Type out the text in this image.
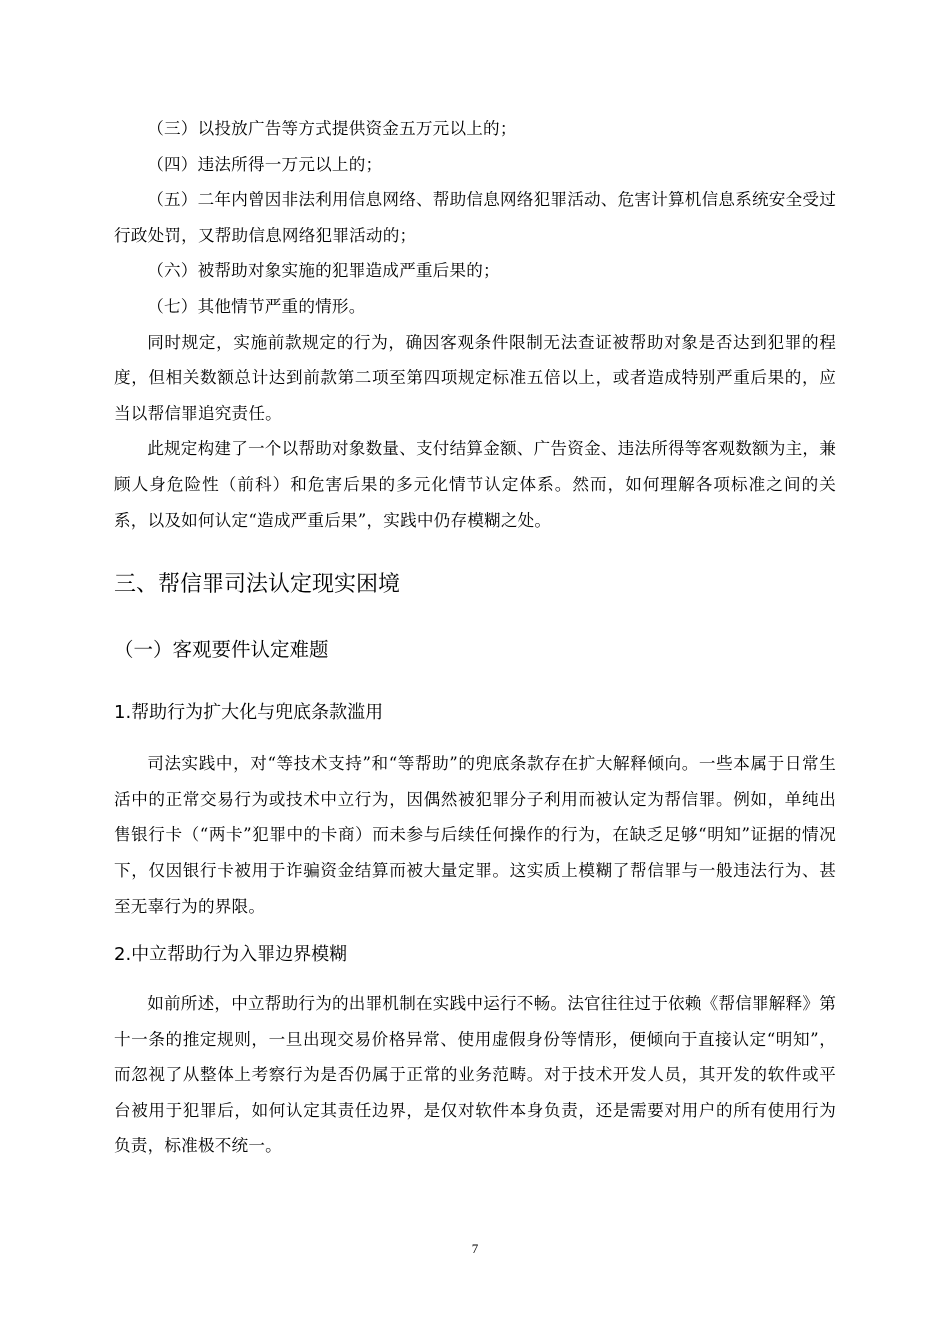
（三）以投放广告等方式提供资金五万元以上的；

（四）违法所得一万元以上的；

（五）二年内曾因非法利用信息网络、帮助信息网络犯罪活动、危害计算机信息系统安全受过行政处罚，又帮助信息网络犯罪活动的；

（六）被帮助对象实施的犯罪造成严重后果的；

（七）其他情节严重的情形。

同时规定，实施前款规定的行为，确因客观条件限制无法查证被帮助对象是否达到犯罪的程度，但相关数额总计达到前款第二项至第四项规定标准五倍以上，或者造成特别严重后果的，应当以帮信罪追究责任。

此规定构建了一个以帮助对象数量、支付结算金额、广告资金、违法所得等客观数额为主，兼顾人身危险性（前科）和危害后果的多元化情节认定体系。然而，如何理解各项标准之间的关系，以及如何认定“造成严重后果”，实践中仍存模糊之处。

三、帮信罪司法认定现实困境
（一）客观要件认定难题
1.帮助行为扩大化与兜底条款滥用

司法实践中，对“等技术支持”和“等帮助”的兜底条款存在扩大解释倾向。一些本属于日常生活中的正常交易行为或技术中立行为，因偶然被犯罪分子利用而被认定为帮信罪。例如，单纯出售银行卡（“两卡”犯罪中的卡商）而未参与后续任何操作的行为，在缺乏足够“明知”证据的情况下，仅因银行卡被用于诈骗资金结算而被大量定罪。这实质上模糊了帮信罪与一般违法行为、甚至无辜行为的界限。

2.中立帮助行为入罪边界模糊

如前所述，中立帮助行为的出罪机制在实践中运行不畅。法官往往过于依赖《帮信罪解释》第十一条的推定规则，一旦出现交易价格异常、使用虚假身份等情形，便倾向于直接认定“明知”，而忽视了从整体上考察行为是否仍属于正常的业务范畴。对于技术开发人员，其开发的软件或平台被用于犯罪后，如何认定其责任边界，是仅对软件本身负责，还是需要对用户的所有使用行为负责，标准极不统一。

7
